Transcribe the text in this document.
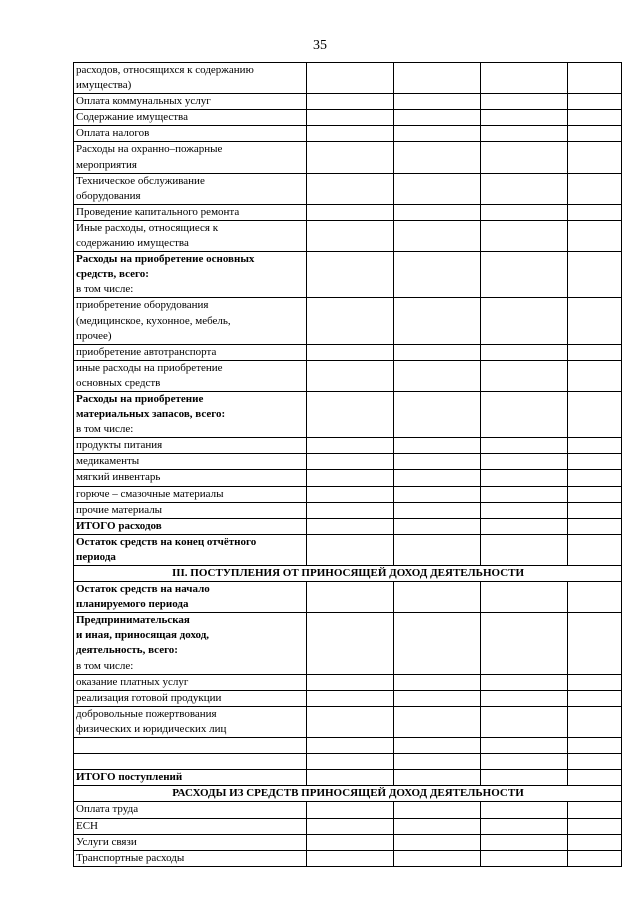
35
расходов, относящихся к содержанию
имущества)				

Оплата коммунальных услуг				

Содержание имущества				

Оплата налогов				

Расходы на охранно–пожарные
мероприятия				

Техническое обслуживание
оборудования				

Проведение капитального ремонта				

Иные расходы, относящиеся к
содержанию имущества				

Расходы на приобретение основных
средств, всего:
в том числе:				

приобретение оборудования
(медицинское, кухонное, мебель,
прочее)				

приобретение автотранспорта				

иные расходы на приобретение
основных средств				

Расходы на приобретение
материальных запасов, всего:
в том числе:				

продукты питания				

медикаменты				

мягкий инвентарь				

горюче – смазочные материалы				

прочие материалы				

ИТОГО расходов				

Остаток средств на конец отчётного
периода				

III. ПОСТУПЛЕНИЯ ОТ ПРИНОСЯЩЕЙ ДОХОД ДЕЯТЕЛЬНОСТИ				

Остаток средств на начало
планируемого периода				

Предпринимательская
и иная, приносящая доход,
деятельность, всего:
в том числе:				

оказание платных услуг				

реализация готовой продукции				

добровольные пожертвования
физических и юридических лиц				

ИТОГО поступлений				

РАСХОДЫ ИЗ СРЕДСТВ ПРИНОСЯЩЕЙ ДОХОД ДЕЯТЕЛЬНОСТИ				

Оплата труда				

ЕСН				

Услуги связи				

Транспортные расходы				
